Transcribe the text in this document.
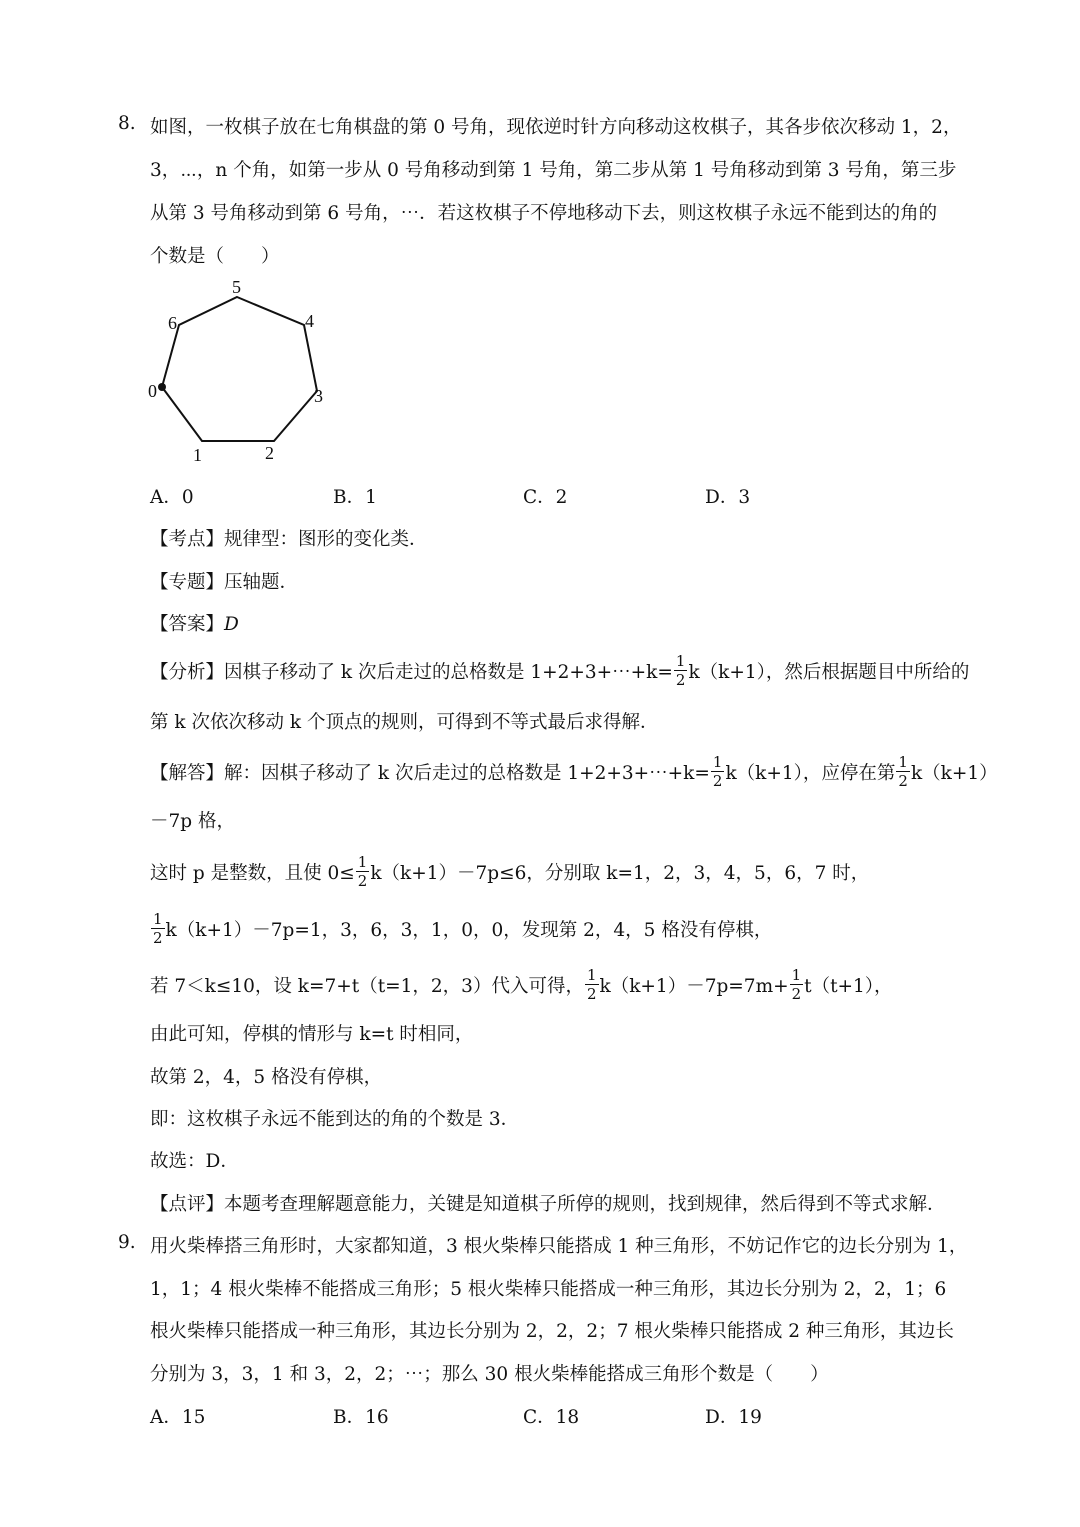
8. 如图，一枚棋子放在七角棋盘的第 0 号角，现依逆时针方向移动这枚棋子，其各步依次移动 1，2，
3，⋯，n 个角，如第一步从 0 号角移动到第 1 号角，第二步从第 1 号角移动到第 3 号角，第三步
从第 3 号角移动到第 6 号角，⋯．若这枚棋子不停地移动下去，则这枚棋子永远不能到达的角的
个数是（　　）
0
1	2
3
4
5
6
A．0	B．1	C．2	D．3
【考点】规律型：图形的变化类．
【专题】压轴题．
【答案】D
【分析】因棋子移动了 k 次后走过的总格数是 1+2+3+⋯+k= $\frac{1}{2} k(k+1)$，然后根据题目中所给的
第 k 次依次移动 k 个顶点的规则，可得到不等式最后求得解．
【解答】解：因棋子移动了 k 次后走过的总格数是 1+2+3+⋯+k= $\frac{1}{2} k(k+1)$，应停在第 $\frac{1}{2} k(k+1)$
－7p 格，
这时 p 是整数，且使 $0\le \frac{1}{2} k(k+1)-7p\le 6$，分别取 k=1，2，3，4，5，6，7 时，
$\frac{1}{2} k(k+1)-7p=1$，3，6，3，1，0，0，发现第 2，4，5 格没有停棋，
若 7＜k≤10，设 k=7+t（t=1，2，3）代入可得， $\frac{1}{2} k(k+1)-7p=7m+ \frac{1}{2} t(t+1)$，
由此可知，停棋的情形与 k=t 时相同，
故第 2，4，5 格没有停棋，
即：这枚棋子永远不能到达的角的个数是 3．
故选：D．
【点评】本题考查理解题意能力，关键是知道棋子所停的规则，找到规律，然后得到不等式求解．
9. 用火柴棒搭三角形时，大家都知道，3 根火柴棒只能搭成 1 种三角形，不妨记作它的边长分别为 1，
1，1；4 根火柴棒不能搭成三角形；5 根火柴棒只能搭成一种三角形，其边长分别为 2，2，1；6
根火柴棒只能搭成一种三角形，其边长分别为 2，2，2；7 根火柴棒只能搭成 2 种三角形，其边长
分别为 3，3，1 和 3，2，2；⋯；那么 30 根火柴棒能搭成三角形个数是（　　）
A．15	B．16	C．18	D．19
